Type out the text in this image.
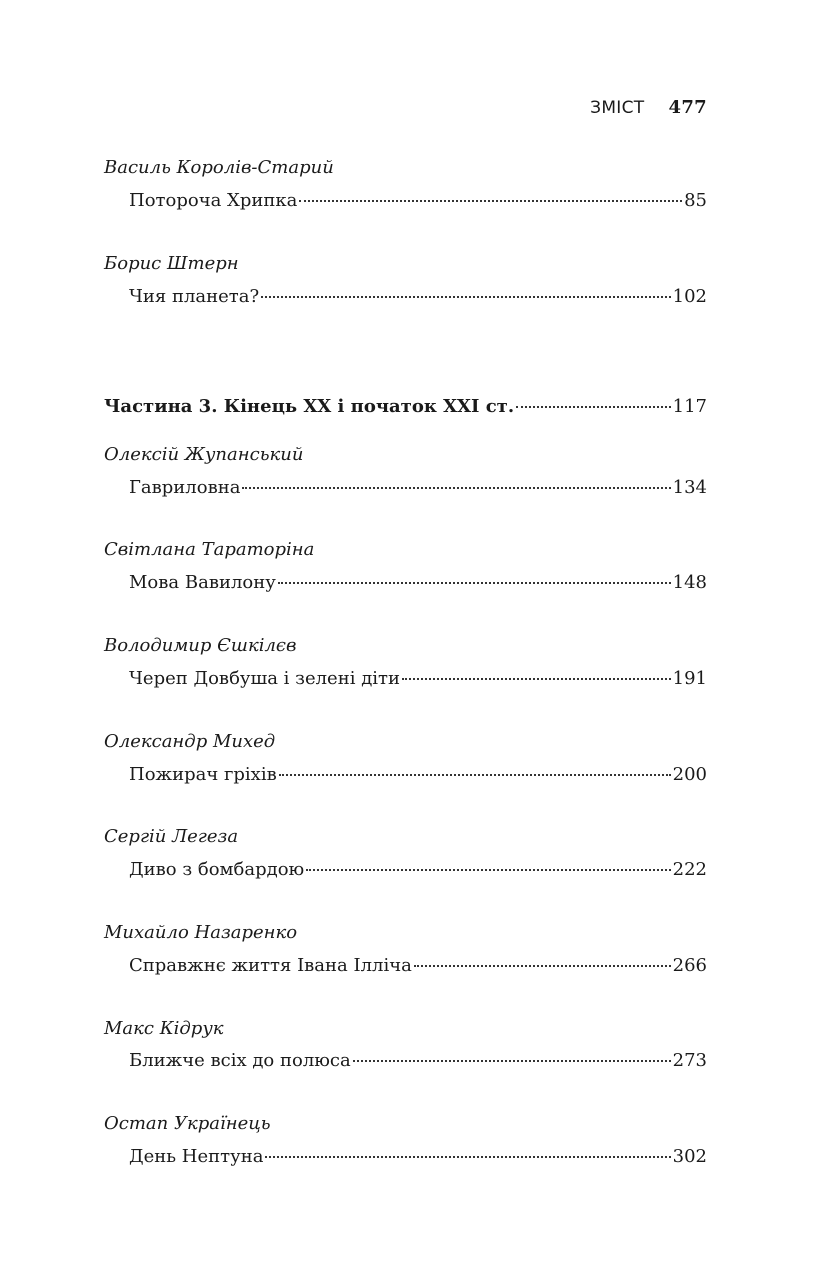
ЗМІСТ 477
Василь Королів-Старий
Потороча Хрипка	85
Борис Штерн
Чия планета?	102
Частина 3. Кінець ХХ і початок ХХІ ст.	117
Олексій Жупанський
Гавриловна	134
Світлана Тараторіна
Мова Вавилону	148
Володимир Єшкілєв
Череп Довбуша і зелені діти	191
Олександр Михед
Пожирач гріхів	200
Сергій Легеза
Диво з бомбардою	222
Михайло Назаренко
Справжнє життя Івана Ілліча	266
Макс Кідрук
Ближче всіх до полюса	273
Остап Українець
День Нептуна	302
